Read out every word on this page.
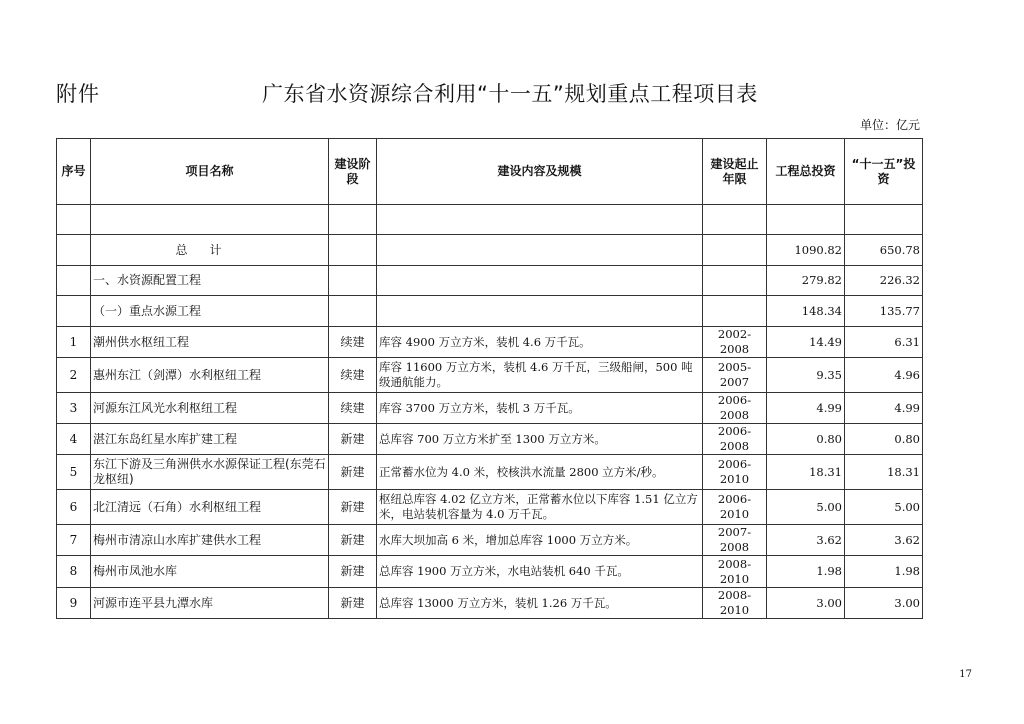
附件	广东省水资源综合利用“十一五”规划重点工程项目表
单位：亿元
序号	项目名称	建设阶段	建设内容及规模	建设起止年限	工程总投资	“十一五”投资

	总计				1090.82	650.78
	一、水资源配置工程				279.82	226.32
	（一）重点水源工程				148.34	135.77
1	潮州供水枢纽工程	续建	库容 4900 万立方米，装机 4.6 万千瓦。	2002-2008	14.49	6.31
2	惠州东江（剑潭）水利枢纽工程	续建	库容 11600 万立方米，装机 4.6 万千瓦，三级船闸，500 吨级通航能力。	2005-2007	9.35	4.96
3	河源东江风光水利枢纽工程	续建	库容 3700 万立方米，装机 3 万千瓦。	2006-2008	4.99	4.99
4	湛江东岛红星水库扩建工程	新建	总库容 700 万立方米扩至 1300 万立方米。	2006-2008	0.80	0.80
5	东江下游及三角洲供水水源保证工程(东莞石龙枢纽)	新建	正常蓄水位为 4.0 米，校核洪水流量 2800 立方米/秒。	2006-2010	18.31	18.31
6	北江清远（石角）水利枢纽工程	新建	枢纽总库容 4.02 亿立方米，正常蓄水位以下库容 1.51 亿立方米，电站装机容量为 4.0 万千瓦。	2006-2010	5.00	5.00
7	梅州市清凉山水库扩建供水工程	新建	水库大坝加高 6 米，增加总库容 1000 万立方米。	2007-2008	3.62	3.62
8	梅州市凤池水库	新建	总库容 1900 万立方米，水电站装机 640 千瓦。	2008-2010	1.98	1.98
9	河源市连平县九潭水库	新建	总库容 13000 万立方米，装机 1.26 万千瓦。	2008-2010	3.00	3.00
17
